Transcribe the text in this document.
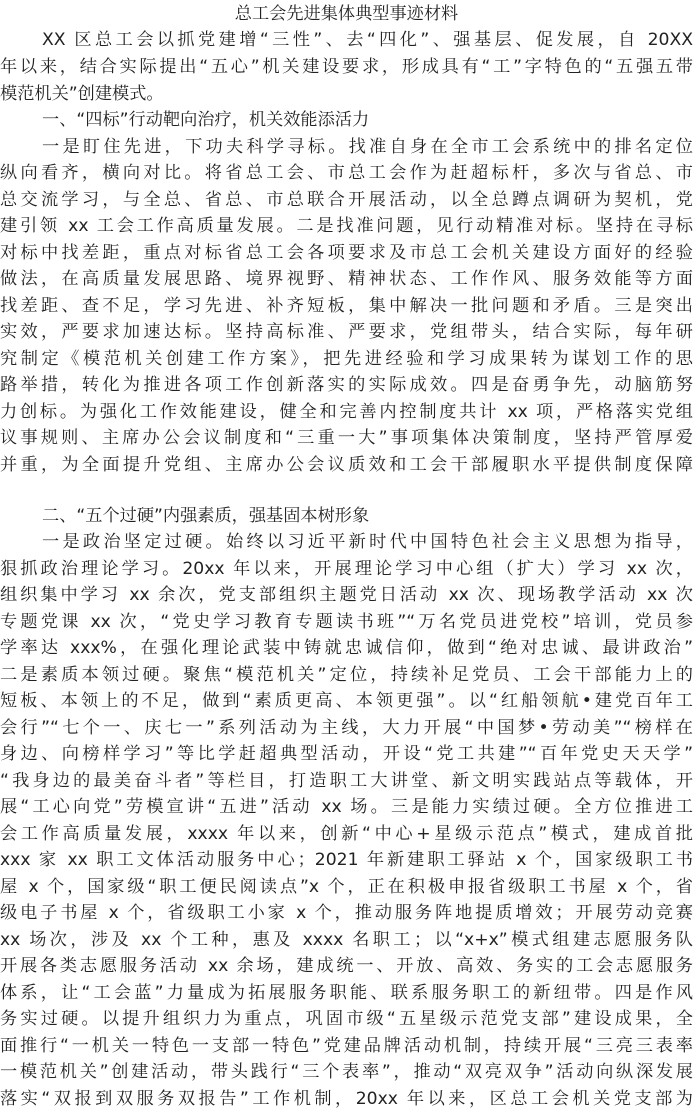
总工会先进集体典型事迹材料
XX 区总工会以抓党建增“三性”、去“四化”、强基层、促发展，自 20XX
年以来，结合实际提出“五心”机关建设要求，形成具有“工”字特色的“五强五带
模范机关”创建模式。
一、“四标”行动靶向治疗，机关效能添活力
一是盯住先进，下功夫科学寻标。找准自身在全市工会系统中的排名定位
纵向看齐，横向对比。将省总工会、市总工会作为赶超标杆，多次与省总、市
总交流学习，与全总、省总、市总联合开展活动，以全总蹲点调研为契机，党
建引领 xx 工会工作高质量发展。二是找准问题，见行动精准对标。坚持在寻标
对标中找差距，重点对标省总工会各项要求及市总工会机关建设方面好的经验
做法，在高质量发展思路、境界视野、精神状态、工作作风、服务效能等方面
找差距、查不足，学习先进、补齐短板，集中解决一批问题和矛盾。三是突出
实效，严要求加速达标。坚持高标准、严要求，党组带头，结合实际，每年研
究制定《模范机关创建工作方案》，把先进经验和学习成果转为谋划工作的思
路举措，转化为推进各项工作创新落实的实际成效。四是奋勇争先，动脑筋努
力创标。为强化工作效能建设，健全和完善内控制度共计 xx 项，严格落实党组
议事规则、主席办公会议制度和“三重一大”事项集体决策制度，坚持严管厚爱
并重，为全面提升党组、主席办公会议质效和工会干部履职水平提供制度保障
二、“五个过硬”内强素质，强基固本树形象
一是政治坚定过硬。始终以习近平新时代中国特色社会主义思想为指导，
狠抓政治理论学习。20xx 年以来，开展理论学习中心组（扩大）学习 xx 次，
组织集中学习 xx 余次，党支部组织主题党日活动 xx 次、现场教学活动 xx 次
专题党课 xx 次，“党史学习教育专题读书班”“万名党员进党校”培训，党员参
学率达 xxx%，在强化理论武装中铸就忠诚信仰，做到“绝对忠诚、最讲政治”
二是素质本领过硬。聚焦“模范机关”定位，持续补足党员、工会干部能力上的
短板、本领上的不足，做到“素质更高、本领更强”。以“红船领航•建党百年工
会行”“七个一、庆七一”系列活动为主线，大力开展“中国梦•劳动美”“榜样在
身边、向榜样学习”等比学赶超典型活动，开设“党工共建”“百年党史天天学”
“我身边的最美奋斗者”等栏目，打造职工大讲堂、新文明实践站点等载体，开
展“工心向党”劳模宣讲“五进”活动 xx 场。三是能力实绩过硬。全方位推进工
会工作高质量发展，xxxx 年以来，创新“中心+星级示范点”模式，建成首批
xxx 家 xx 职工文体活动服务中心；2021 年新建职工驿站 x 个，国家级职工书
屋 x 个，国家级“职工便民阅读点”x 个，正在积极申报省级职工书屋 x 个，省
级电子书屋 x 个，省级职工小家 x 个，推动服务阵地提质增效；开展劳动竞赛
xx 场次，涉及 xx 个工种，惠及 xxxx 名职工；以“x+x”模式组建志愿服务队
开展各类志愿服务活动 xx 余场，建成统一、开放、高效、务实的工会志愿服务
体系，让“工会蓝”力量成为拓展服务职能、联系服务职工的新纽带。四是作风
务实过硬。以提升组织力为重点，巩固市级“五星级示范党支部”建设成果，全
面推行“一机关一特色一支部一特色”党建品牌活动机制，持续开展“三亮三表率
一模范机关”创建活动，带头践行“三个表率”，推动“双亮双争”活动向纵深发展
落实“双报到双服务双报告”工作机制，20xx 年以来，区总工会机关党支部为
